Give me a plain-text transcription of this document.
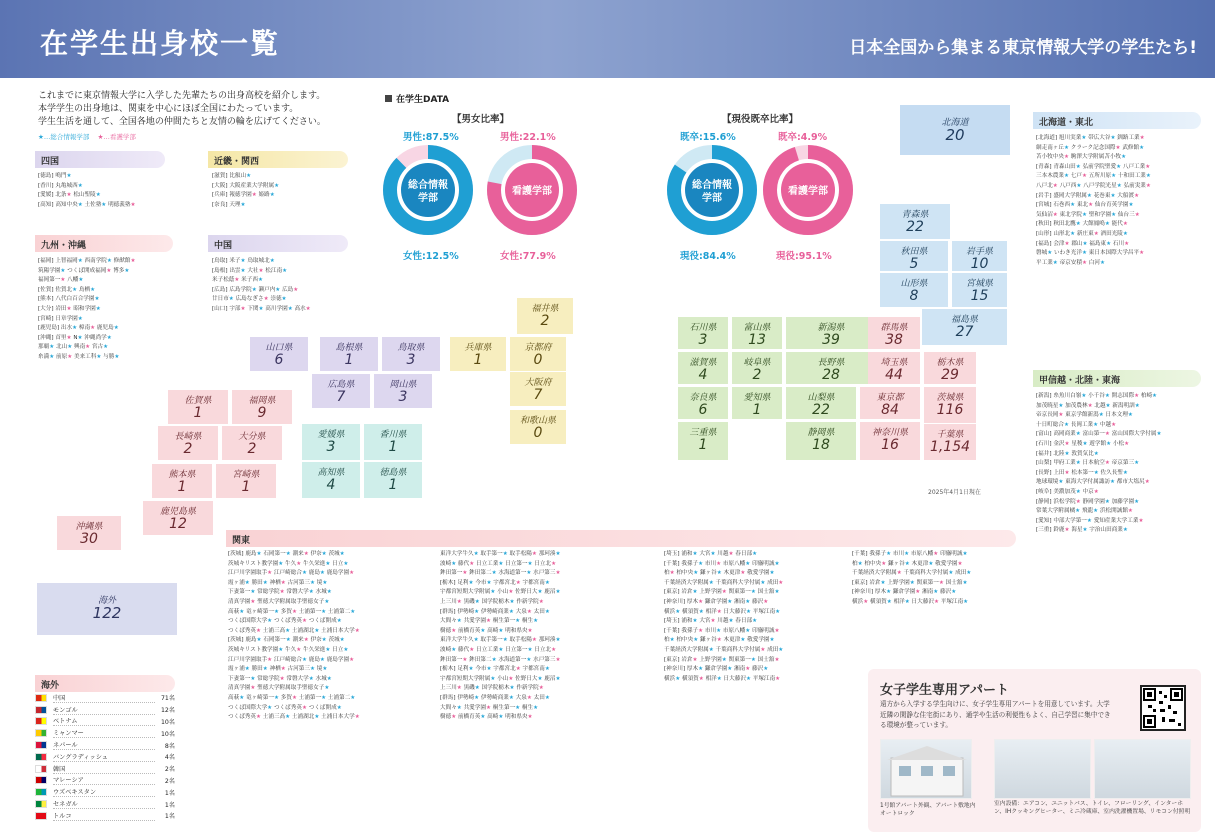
在学生出身校一覧	日本全国から集まる東京情報大学の学生たち!
これまでに東京情報大学に入学した先輩たちの出身高校を紹介します。
本学学生の出身地は、関東を中心にほぼ全国にわたっています。
学生生活を通して、全国各地の仲間たちと友情の輪を広げてください。
★…総合情報学部 ★…看護学部
四国
[徳島] 鳴門★
[香川] 丸亀城西★
[愛媛] 北条★ 松山聖陵★
[高知] 高知中央★ 土佐塾★ 明徳義塾★
近畿・関西
[滋賀] 比叡山★
[大阪] 大阪産業大学附属★
[兵庫] 報徳学園★ 姫路★
[奈良] 天理★
九州・沖縄
[福岡] 上智福岡★ 西南学院★ 修猷館★
筑陽学園★ つくば開成福岡★ 博多★
福岡第一★ 八幡★
[佐賀] 佐賀北★ 鳥栖★
[熊本] 八代白百合学園★
[大分] 岩田★ 昭和学園★
[宮崎] 日章学園★
[鹿児島] 出水★ 樟南★ 鹿児島★
[沖縄] 首里★ N★ 沖縄尚学★
那覇★ 北山★ 興南★ 宮古★
糸満★ 前原★ 美来工科★ 与勝★
中国
[鳥取] 米子★ 鳥取城北★
[島根] 出雲★ 大社★ 松江南★
米子松蔭★ 米子西★
[広島] 広島学院★ 瀬戸内★ 広島★
廿日市★ 広島なぎさ★ 崇徳★
[山口] 宇部★ 下関★ 高川学園★ 高水★
在学生DATA
【男女比率】	【現役既卒比率】
総合情報
学部
看護学部
総合情報
学部
看護学部
男性:87.5%
女性:12.5%
男性:22.1%
女性:77.9%
既卒:15.6%
現役:84.4%
既卒:4.9%
現役:95.1%
北海道
20
青森県
22
秋田県
5
岩手県
10
山形県
8
宮城県
15
福島県
27
石川県
3
富山県
13
新潟県
39
群馬県
38
滋賀県
4
岐阜県
2
長野県
28
埼玉県
44
栃木県
29
奈良県
6
愛知県
1
山梨県
22
東京都
84
茨城県
116
三重県
1
静岡県
18
神奈川県
16
千葉県
1,154
福井県
2
兵庫県
1
京都府
0
大阪府
7
和歌山県
0
山口県
6
島根県
1
鳥取県
3
広島県
7
岡山県
3
愛媛県
3
香川県
1
高知県
4
徳島県
1
佐賀県
1
福岡県
9
長崎県
2
大分県
2
熊本県
1
宮崎県
1
鹿児島県
12
沖縄県
30
海外
122
2025年4月1日現在
北海道・東北
[北海道] 旭川実業★ 帯広大谷★ 釧路工業★
網走南ヶ丘★ クラーク記念国際★ 武修館★
苫小牧中央★ 駒澤大学附属苫小牧★
[青森] 青森山田★ 弘前学院聖愛★ 八戸工業★
三本木農業★ 七戸★ 五所川原★ 十和田工業★
八戸北★ 八戸西★ 八戸学院光星★ 弘前実業★
[岩手] 盛岡大学附属★ 花巻東★ 大船渡★
[宮城] 石巻西★ 東北★ 仙台育英学園★
気仙沼★ 東北学院★ 聖和学園★ 仙台三★
[秋田] 秋田北鷹★ 大館鳳鳴★ 能代★
[山形] 山形北★ 新庄東★ 酒田光陵★
[福島] 会津★ 郡山★ 福島東★ 石川★
磐城★ いわき光洋★ 東日本国際大学昌平★
平工業★ 帝京安積★ 白河★
甲信越・北陸・東海
[新潟] 糸魚川白嶺★ 小千谷★ 開志国際★ 柏崎★
加茂暁星★ 加茂農林★ 北越★ 新潟明訓★
帝京長岡★ 東京学館新潟★ 日本文理★
十日町総合★ 長岡工業★ 中越★
[富山] 高岡商業★ 富山第一★ 富山国際大学付属★
[石川] 金沢★ 星稜★ 遊学館★ 小松★
[福井] 北陸★ 敦賀気比★
[山梨] 甲府工業★ 日本航空★ 帝京第三★
[長野] 上田★ 松本第一★ 佐久長聖★
地球環境★ 東海大学付属諏訪★ 都市大塩尻★
[岐阜] 美濃加茂★ 中京★
[静岡] 浜松学院★ 静岡学園★ 加藤学園★
常葉大学附属橘★ 飛龍★ 浜松開誠館★
[愛知] 中部大学第一★ 愛知産業大学工業★
[三重] 鈴鹿★ 海星★ 宇治山田商業★
関東
[茨城] 鹿島★ 石岡第一★ 潮来★ 伊奈★ 茨城★
茨城キリスト教学園★ 牛久★ 牛久栄進★ 日立★
江戸川学園取手★ 江戸崎総合★ 鹿島★ 鹿島学園★
霞ヶ浦★ 勝田★ 神栖★ 古河第三★ 境★
下妻第一★ 常総学院★ 常磐大学★ 水城★
清真学園★ 聖徳大学附属取手聖徳女子★
高萩★ 竜ヶ崎第一★ 多賀★ 土浦第一★ 土浦第二★
つくば国際大学★ つくば秀英★ つくば開成★
つくば秀英★ 土浦三高★ 土浦湖北★ 土浦日本大学★
[茨城] 鹿島★ 石岡第一★ 潮来★ 伊奈★ 茨城★
茨城キリスト教学園★ 牛久★ 牛久栄進★ 日立★
江戸川学園取手★ 江戸崎総合★ 鹿島★ 鹿島学園★
霞ヶ浦★ 勝田★ 神栖★ 古河第三★ 境★
下妻第一★ 常総学院★ 常磐大学★ 水城★
清真学園★ 聖徳大学附属取手聖徳女子★
高萩★ 竜ヶ崎第一★ 多賀★ 土浦第一★ 土浦第二★
つくば国際大学★ つくば秀英★ つくば開成★
つくば秀英★ 土浦三高★ 土浦湖北★ 土浦日本大学★
東洋大学牛久★ 取手第一★ 取手松陽★ 那珂湊★
波崎★ 藤代★ 日立工業★ 日立第一★ 日立北★
鉾田第一★ 鉾田第二★ 水海道第一★ 水戸第三★
[栃木] 足利★ 今市★ 宇都宮北★ 宇都宮南★
宇都宮短期大学附属★ 小山★ 佐野日大★ 鹿沼★
上三川★ 黒磯★ 国学院栃木★ 作新学院★
[群馬] 伊勢崎★ 伊勢崎商業★ 大泉★ 太田★
大間々★ 共愛学園★ 桐生第一★ 桐生★
樹徳★ 前橋育英★ 高崎★ 明和県央★
東洋大学牛久★ 取手第一★ 取手松陽★ 那珂湊★
波崎★ 藤代★ 日立工業★ 日立第一★ 日立北★
鉾田第一★ 鉾田第二★ 水海道第一★ 水戸第三★
[栃木] 足利★ 今市★ 宇都宮北★ 宇都宮南★
宇都宮短期大学附属★ 小山★ 佐野日大★ 鹿沼★
上三川★ 黒磯★ 国学院栃木★ 作新学院★
[群馬] 伊勢崎★ 伊勢崎商業★ 大泉★ 太田★
大間々★ 共愛学園★ 桐生第一★ 桐生★
樹徳★ 前橋育英★ 高崎★ 明和県央★
[埼玉] 浦和★ 大宮★ 川越★ 春日部★
[千葉] 我孫子★ 市川★ 市原八幡★ 印旛明誠★
柏★ 柏中央★ 鎌ヶ谷★ 木更津★ 敬愛学園★
千葉経済大学附属★ 千葉商科大学付属★ 成田★
[東京] 岩倉★ 上野学園★ 関東第一★ 国士舘★
[神奈川] 厚木★ 鎌倉学園★ 湘南★ 藤沢★
横浜★ 横須賀★ 相洋★ 日大藤沢★ 平塚江南★
[埼玉] 浦和★ 大宮★ 川越★ 春日部★
[千葉] 我孫子★ 市川★ 市原八幡★ 印旛明誠★
柏★ 柏中央★ 鎌ヶ谷★ 木更津★ 敬愛学園★
千葉経済大学附属★ 千葉商科大学付属★ 成田★
[東京] 岩倉★ 上野学園★ 関東第一★ 国士舘★
[神奈川] 厚木★ 鎌倉学園★ 湘南★ 藤沢★
横浜★ 横須賀★ 相洋★ 日大藤沢★ 平塚江南★
[千葉] 我孫子★ 市川★ 市原八幡★ 印旛明誠★
柏★ 柏中央★ 鎌ヶ谷★ 木更津★ 敬愛学園★
千葉経済大学附属★ 千葉商科大学付属★ 成田★
[東京] 岩倉★ 上野学園★ 関東第一★ 国士舘★
[神奈川] 厚木★ 鎌倉学園★ 湘南★ 藤沢★
横浜★ 横須賀★ 相洋★ 日大藤沢★ 平塚江南★
海外
中国	71名
モンゴル	12名
ベトナム	10名
ミャンマー	10名
ネパール	8名
バングラディッシュ	4名
韓国	2名
マレーシア	2名
ウズベキスタン	1名
セネガル	1名
トルコ	1名
女子学生専用アパート
遠方から入学する学生向けに、女子学生専用アパートを用意しています。大学近隣の閑静な住宅街にあり、通学や生活の利便性もよく、自己学習に集中できる環境が整っています。
1号館アパート外観、アパート敷地内オートロック
室内設備：エアコン、ユニットバス、トイレ、フローリング、インターホン、IHクッキングヒーター、ミニ冷蔵庫、室内洗濯機置場、リモコン付照明
